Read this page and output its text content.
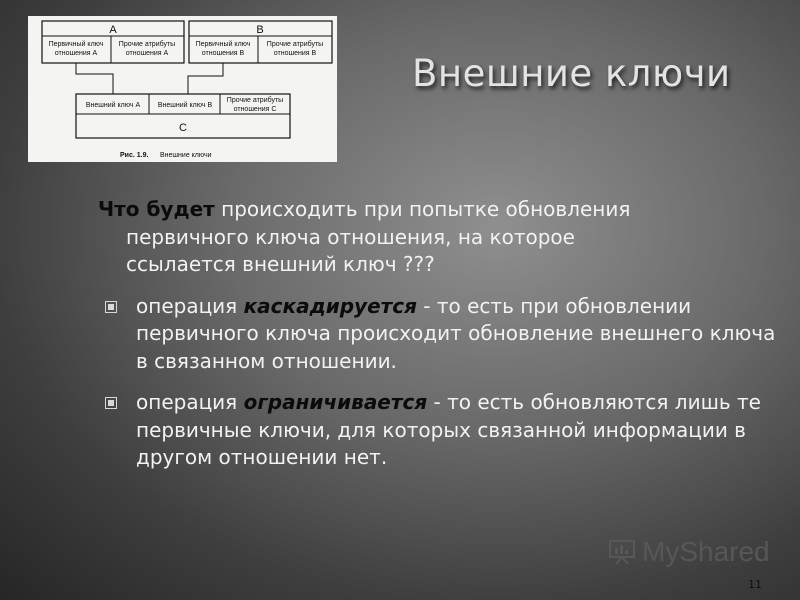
A
Первичный ключ
отношения A
Прочие атрибуты
отношения A
B
Первичный ключ
отношения B
Прочие атрибуты
отношения B
Внешний ключ A	Внешний ключ B
Прочие атрибуты
отношения C
C
Рис. 1.9. Внешние ключи
Внешние ключи
Что будет происходить при попытке обновления
первичного ключа отношения, на которое
ссылается внешний ключ ???
операция каскадируется - то есть при обновлении первичного ключа происходит обновление внешнего ключа в связанном отношении.
операция ограничивается - то есть обновляются лишь те первичные ключи, для которых связанной информации в другом отношении нет.
MyShared
11
